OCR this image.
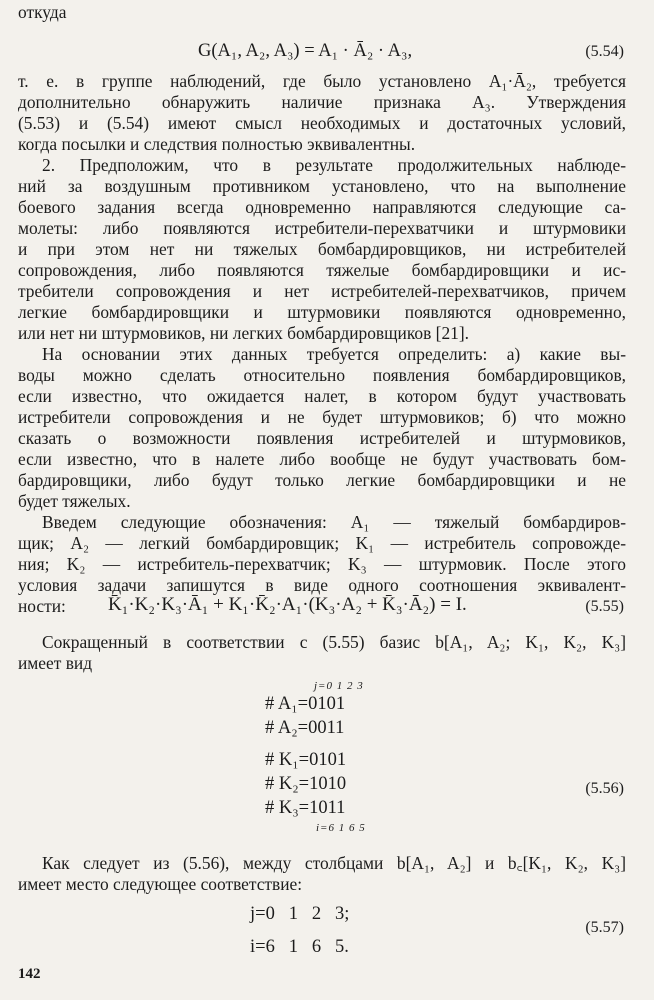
откуда
G(A₁, A₂, A₃) = A₁ · Ā₂ · A₃,	(5.54)
т. е. в группе наблюдений, где было установлено A₁·Ā₂, требуется
дополнительно обнаружить наличие признака A₃. Утверждения
(5.53) и (5.54) имеют смысл необходимых и достаточных условий,
когда посылки и следствия полностью эквивалентны.
2. Предположим, что в результате продолжительных наблюде-
ний за воздушным противником установлено, что на выполнение
боевого задания всегда одновременно направляются следующие са-
молеты: либо появляются истребители-перехватчики и штурмовики
и при этом нет ни тяжелых бомбардировщиков, ни истребителей
сопровождения, либо появляются тяжелые бомбардировщики и ис-
требители сопровождения и нет истребителей-перехватчиков, причем
легкие бомбардировщики и штурмовики появляются одновременно,
или нет ни штурмовиков, ни легких бомбардировщиков [21].
На основании этих данных требуется определить: а) какие вы-
воды можно сделать относительно появления бомбардировщиков,
если известно, что ожидается налет, в котором будут участвовать
истребители сопровождения и не будет штурмовиков; б) что можно
сказать о возможности появления истребителей и штурмовиков,
если известно, что в налете либо вообще не будут участвовать бом-
бардировщики, либо будут только легкие бомбардировщики и не
будет тяжелых.
Введем следующие обозначения: A₁ — тяжелый бомбардиров-
щик; A₂ — легкий бомбардировщик; K₁ — истребитель сопровожде-
ния; K₂ — истребитель-перехватчик; K₃ — штурмовик. После этого
условия задачи запишутся в виде одного соотношения эквивалент-
ности:	K̄₁·K₂·K₃·Ā₁ + K₁·K̄₂·A₁·(K₃·A₂ + K̄₃·Ā₂) = I.	(5.55)
Сокращенный в соответствии с (5.55) базис b[A₁, A₂; K₁, K₂, K₃]
имеет вид
j=0 1 2 3
# A₁=0101
# A₂=0011
# K₁=0101
# K₂=1010
# K₃=1011
i=6 1 6 5
(5.56)
Как следует из (5.56), между столбцами b[A₁, A₂] и b꜀[K₁, K₂, K₃]
имеет место следующее соответствие:
j=0   1   2   3;
i=6   1   6   5.
(5.57)
142
